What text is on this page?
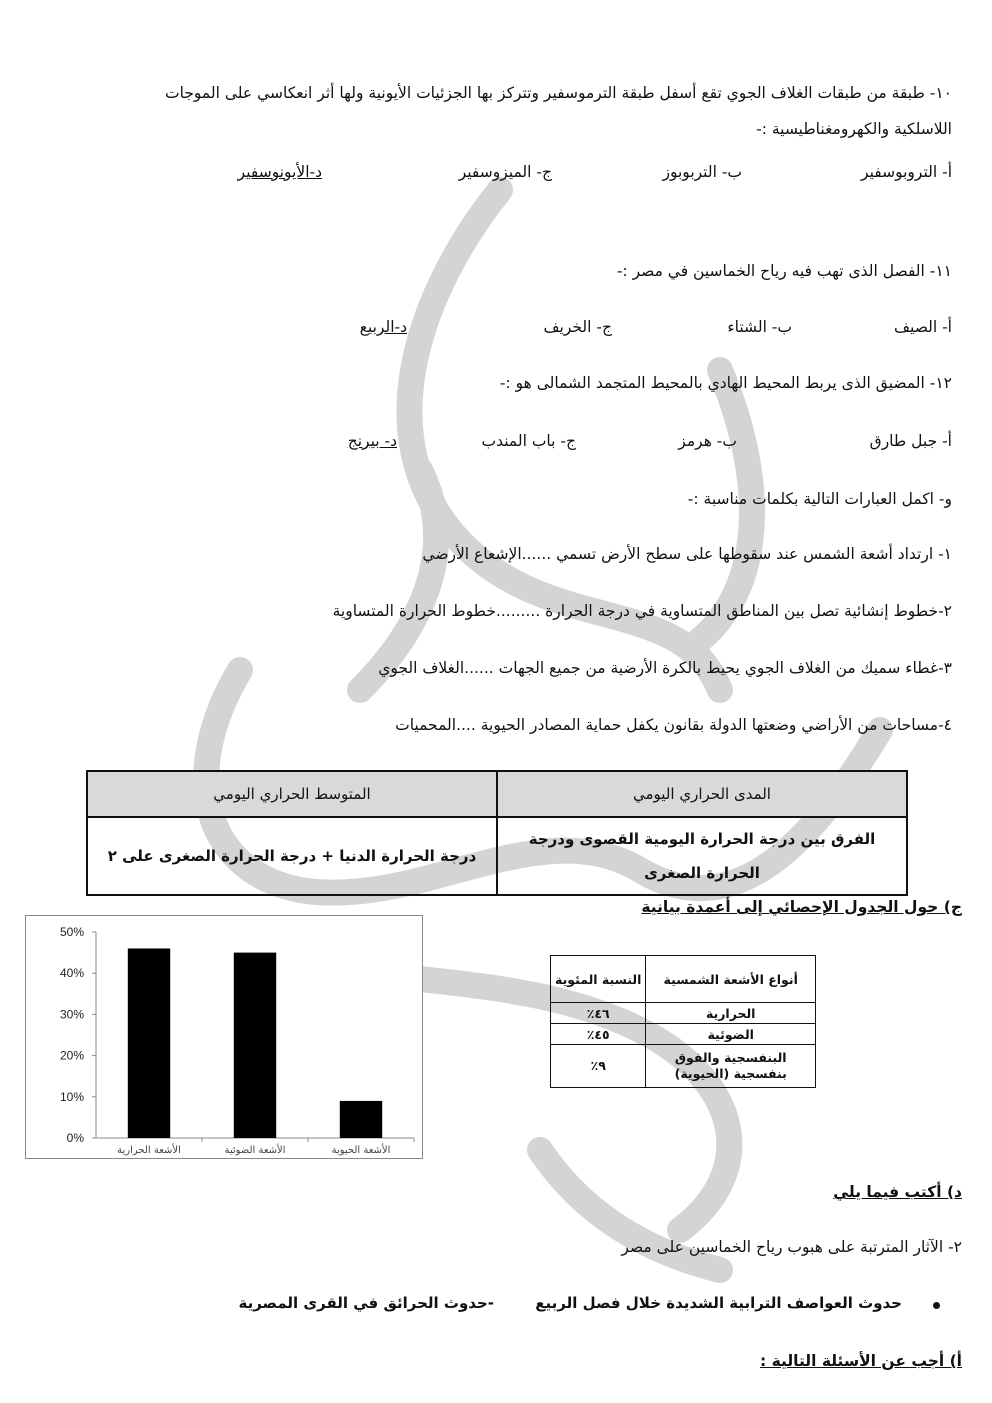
١٠- طبقة من طبقات الغلاف الجوي تقع أسفل طبقة الترموسفير وتتركز بها الجزئيات الأيونية ولها أثر انعكاسي على الموجات
اللاسلكية والكهرومغناطيسية :-
أ- التروبوسفير
ب- التربوبوز
ج- الميزوسفير
د-الأيونوسفير
١١- الفصل الذى تهب فيه رياح الخماسين في مصر :-
أ- الصيف
ب- الشتاء
ج- الخريف
د-الربيع
١٢- المضيق الذى يربط المحيط الهادي بالمحيط المتجمد الشمالى هو :-
أ- جبل طارق
ب- هرمز
ج- باب المندب
د- بيرنج
و- اكمل العبارات التالية بكلمات مناسبة :-
١- ارتداد أشعة الشمس عند سقوطها على سطح الأرض تسمي ......الإشعاع الأرضي
٢-خطوط إنشائية تصل بين المناطق المتساوية في درجة الحرارة .........خطوط الحرارة المتساوية
٣-غطاء سميك من الغلاف الجوي يحيط بالكرة الأرضية من جميع الجهات ......الغلاف الجوي
٤-مساحات من الأراضي وضعتها الدولة بقانون يكفل حماية المصادر الحيوية ....المحميات
المدى الحراري اليومي	المتوسط الحراري اليومي
الفرق بين درجة الحرارة اليومية القصوى ودرجة الحرارة الصغرى	درجة الحرارة الدنيا + درجة الحرارة الصغرى على ٢
ج) حول الجدول الإحصائي إلى أعمدة بيانية
50%
40%
30%
20%
10%
0%
الأشعة الحرارية	الأشعة الضوئية	الأشعة الحيوية
أنواع الأشعة الشمسية	النسبة المئوية
الحرارية	٤٦٪
الضوئية	٤٥٪
البنفسجية والفوق بنفسجية (الحيوية)	٩٪
د) أكتب فيما يلي
٢- الآثار المترتبة على هبوب رياح الخماسين على مصر
حدوث العواصف الترابية الشديدة خلال فصل الربيع
-حدوث الحرائق في القرى المصرية
أ) أجب عن الأسئلة التالية :
